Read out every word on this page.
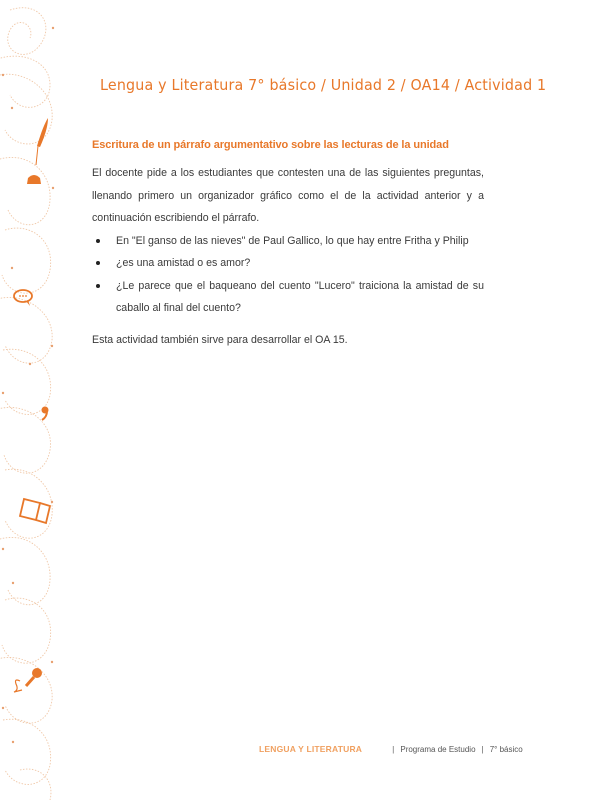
Lengua y Literatura 7° básico / Unidad 2 / OA14 / Actividad 1
Escritura de un párrafo argumentativo sobre las lecturas de la unidad

El docente pide a los estudiantes que contesten una de las siguientes preguntas,
llenando primero un organizador gráfico como el de la actividad anterior y a
continuación escribiendo el párrafo.

En "El ganso de las nieves" de Paul Gallico, lo que hay entre Fritha y Philip
¿es una amistad o es amor?
¿Le parece que el baqueano del cuento "Lucero" traiciona la amistad de su caballo al final del cuento?

Esta actividad también sirve para desarrollar el OA 15.

LENGUA Y LITERATURA	| Programa de Estudio | 7° básico
